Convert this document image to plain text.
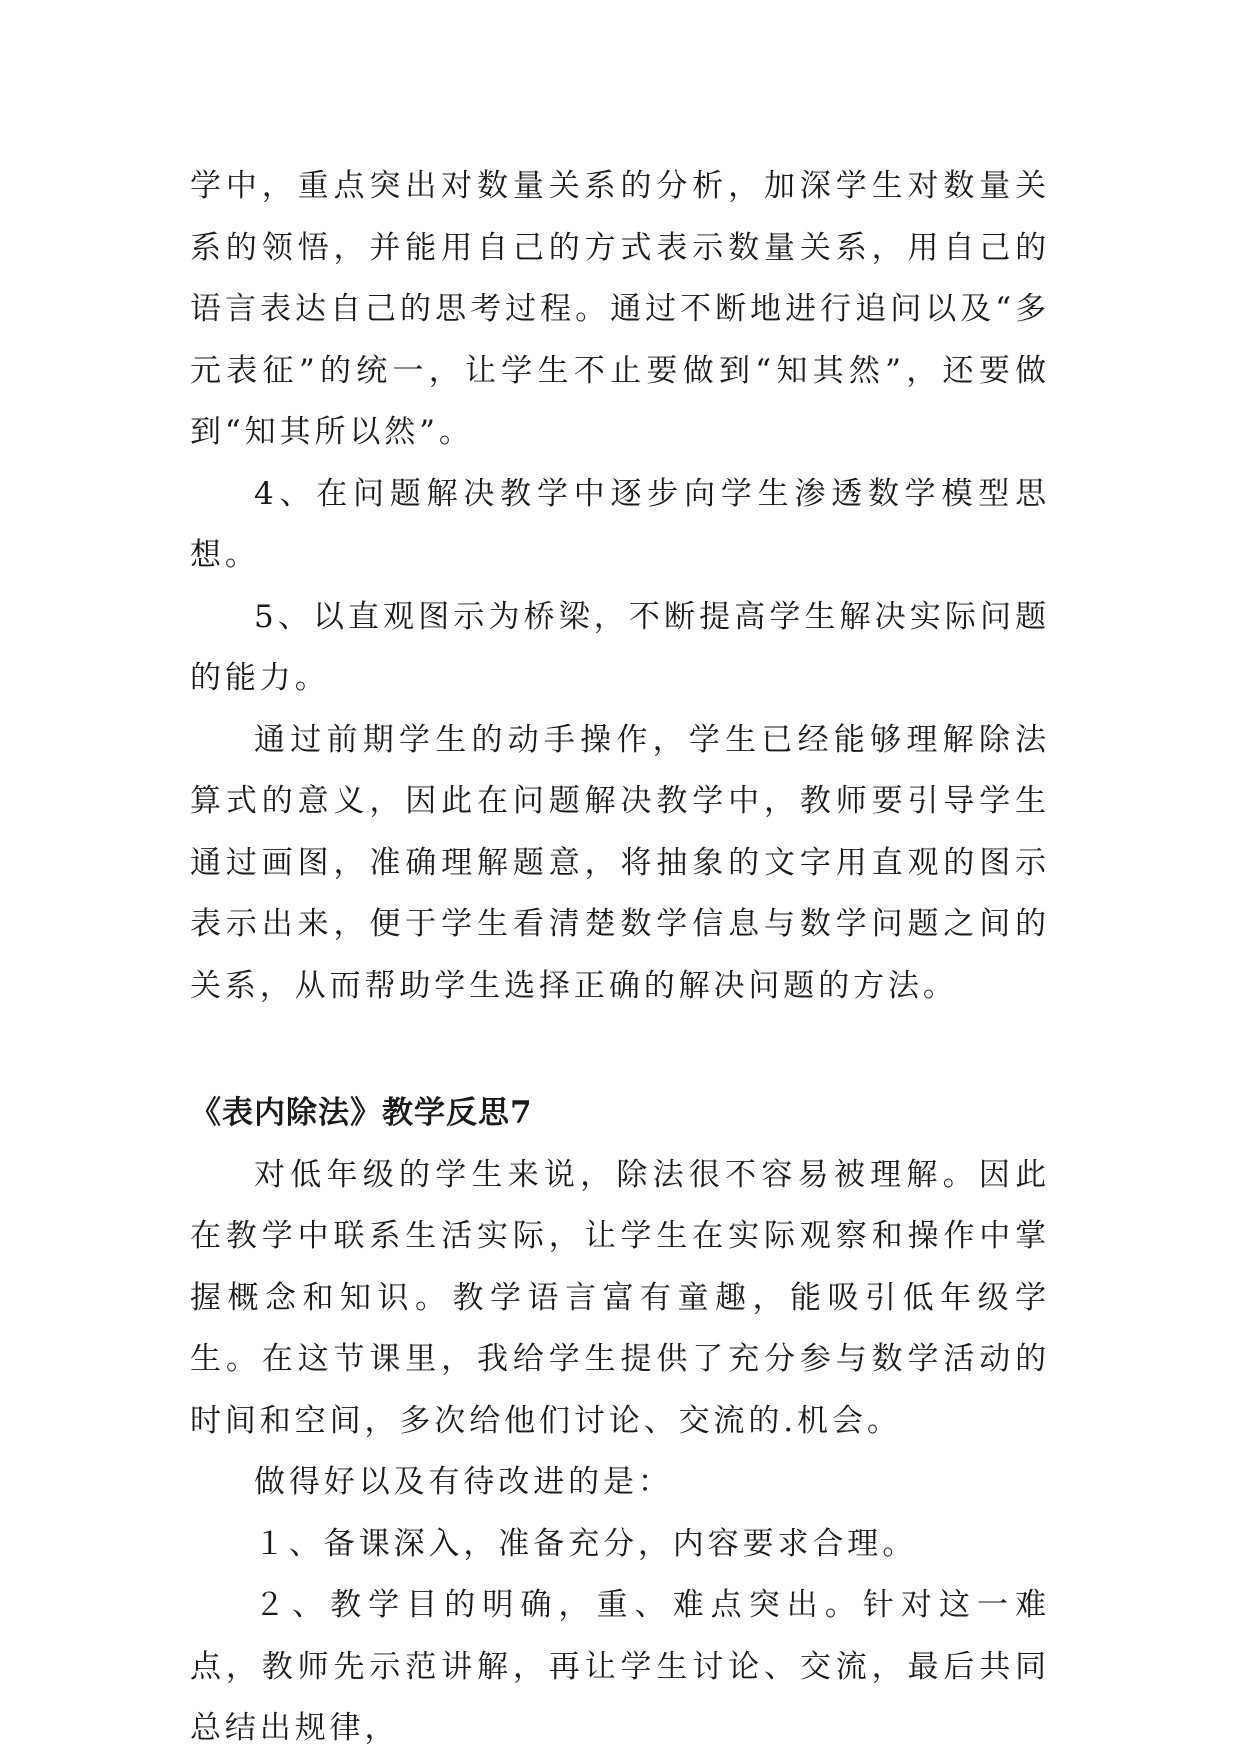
学中，重点突出对数量关系的分析，加深学生对数量关系的领悟，并能用自己的方式表示数量关系，用自己的语言表达自己的思考过程。通过不断地进行追问以及“多元表征”的统一，让学生不止要做到“知其然”，还要做到“知其所以然”。

4、在问题解决教学中逐步向学生渗透数学模型思想。

5、以直观图示为桥梁，不断提高学生解决实际问题的能力。

通过前期学生的动手操作，学生已经能够理解除法算式的意义，因此在问题解决教学中，教师要引导学生通过画图，准确理解题意，将抽象的文字用直观的图示表示出来，便于学生看清楚数学信息与数学问题之间的关系，从而帮助学生选择正确的解决问题的方法。

《表内除法》教学反思7

对低年级的学生来说，除法很不容易被理解。因此在教学中联系生活实际，让学生在实际观察和操作中掌握概念和知识。教学语言富有童趣，能吸引低年级学生。在这节课里，我给学生提供了充分参与数学活动的时间和空间，多次给他们讨论、交流的.机会。

做得好以及有待改进的是：

１、备课深入，准备充分，内容要求合理。

２、教学目的明确，重、难点突出。针对这一难点，教师先示范讲解，再让学生讨论、交流，最后共同总结出规律，
